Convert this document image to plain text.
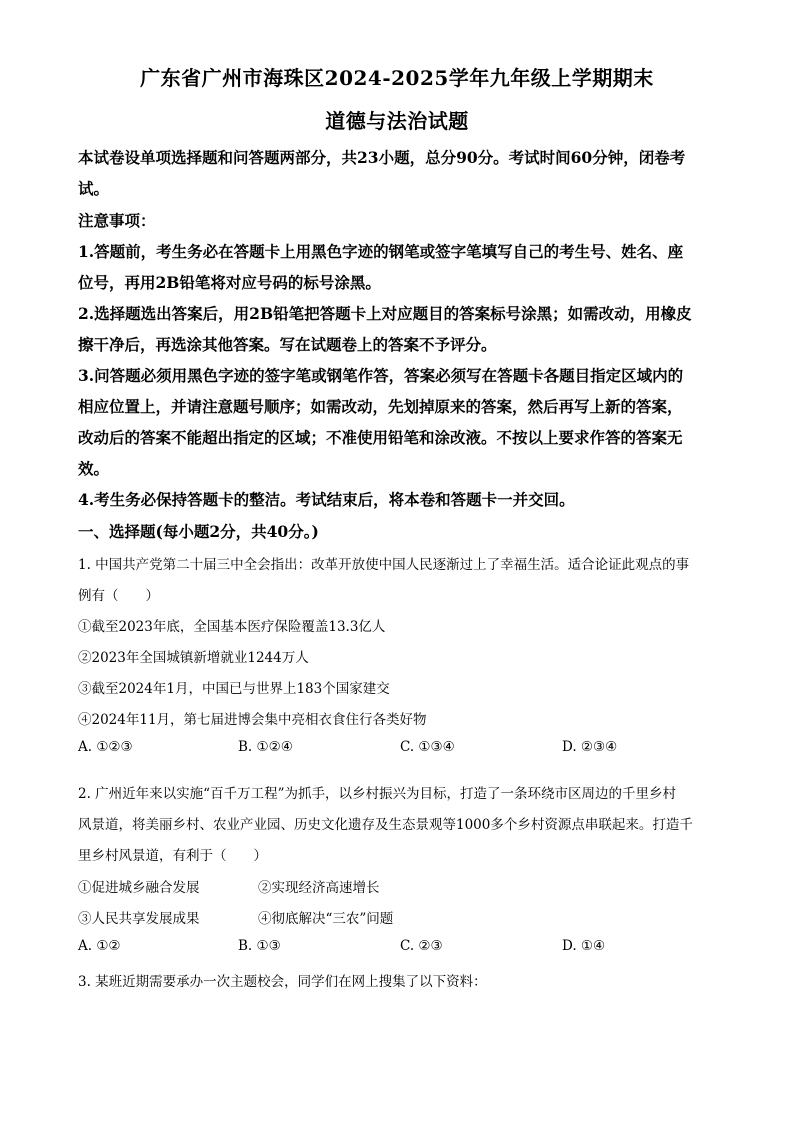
广东省广州市海珠区2024-2025学年九年级上学期期末
道德与法治试题
本试卷设单项选择题和问答题两部分，共23小题，总分90分。考试时间60分钟，闭卷考
试。
注意事项：
1.答题前，考生务必在答题卡上用黑色字迹的钢笔或签字笔填写自己的考生号、姓名、座
位号，再用2B铅笔将对应号码的标号涂黑。
2.选择题选出答案后，用2B铅笔把答题卡上对应题目的答案标号涂黑；如需改动，用橡皮
擦干净后，再选涂其他答案。写在试题卷上的答案不予评分。
3.问答题必须用黑色字迹的签字笔或钢笔作答，答案必须写在答题卡各题目指定区域内的
相应位置上，并请注意题号顺序；如需改动，先划掉原来的答案，然后再写上新的答案，
改动后的答案不能超出指定的区域；不准使用铅笔和涂改液。不按以上要求作答的答案无
效。
4.考生务必保持答题卡的整洁。考试结束后，将本卷和答题卡一并交回。
一、选择题(每小题2分，共40分。)
1. 中国共产党第二十届三中全会指出：改革开放使中国人民逐渐过上了幸福生活。适合论证此观点的事
例有（　　）
①截至2023年底，全国基本医疗保险覆盖13.3亿人
②2023年全国城镇新增就业1244万人
③截至2024年1月，中国已与世界上183个国家建交
④2024年11月，第七届进博会集中亮相衣食住行各类好物
A. ①②③	B. ①②④	C. ①③④	D. ②③④
2. 广州近年来以实施“百千万工程”为抓手，以乡村振兴为目标，打造了一条环绕市区周边的千里乡村
风景道，将美丽乡村、农业产业园、历史文化遗存及生态景观等1000多个乡村资源点串联起来。打造千
里乡村风景道，有利于（　　）
①促进城乡融合发展	②实现经济高速增长
③人民共享发展成果	④彻底解决“三农”问题
A. ①②	B. ①③	C. ②③	D. ①④
3. 某班近期需要承办一次主题校会，同学们在网上搜集了以下资料：
